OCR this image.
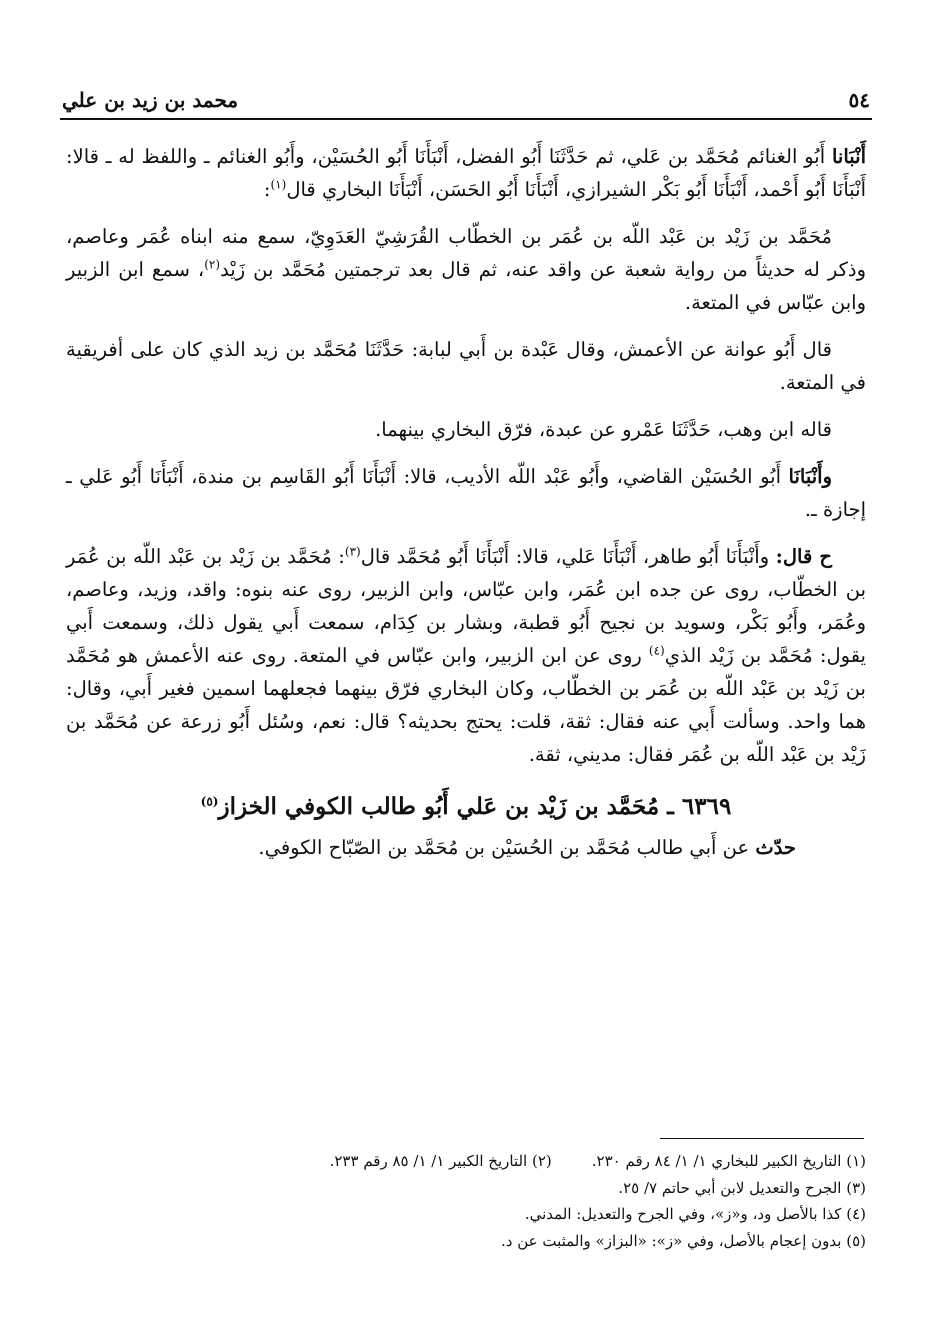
٥٤
محمد بن زيد بن علي

أَنْبَانا أَبُو الغنائم مُحَمَّد بن عَلي، ثم حَدَّثَنَا أَبُو الفضل، أَنْبَأَنَا أَبُو الحُسَيْن، وأَبُو الغنائم ـ واللفظ له ـ قالا: أَنْبَأَنَا أَبُو أَحْمد، أَنْبَأَنَا أَبُو بَكْر الشيرازي، أَنْبَأَنَا أَبُو الحَسَن، أَنْبَأَنَا البخاري قال$^{(١)}$:

مُحَمَّد بن زَيْد بن عَبْد اللّه بن عُمَر بن الخطّاب القُرَشِيّ العَدَوِيّ، سمع منه ابناه عُمَر وعاصم، وذكر له حديثاً من رواية شعبة عن واقد عنه، ثم قال بعد ترجمتين مُحَمَّد بن زَيْد$^{(٢)}$، سمع ابن الزبير وابن عبّاس في المتعة.

قال أَبُو عوانة عن الأعمش، وقال عَبْدة بن أَبي لبابة: حَدَّثَنَا مُحَمَّد بن زيد الذي كان على أفريقية في المتعة.

قاله ابن وهب، حَدَّثَنَا عَمْرو عن عبدة، فرّق البخاري بينهما.

وأَنْبَانَا أَبُو الحُسَيْن القاضي، وأَبُو عَبْد اللّه الأديب، قالا: أَنْبَأَنَا أَبُو القَاسِم بن مندة، أَنْبَأَنَا أَبُو عَلي ـ إجازة ـ.

ح قال: وأَنْبَأَنَا أَبُو طاهر، أَنْبَأَنَا عَلي، قالا: أَنْبَأَنَا أَبُو مُحَمَّد قال$^{(٣)}$: مُحَمَّد بن زَيْد بن عَبْد اللّه بن عُمَر بن الخطّاب، روى عن جده ابن عُمَر، وابن عبّاس، وابن الزبير، روى عنه بنوه: واقد، وزيد، وعاصم، وعُمَر، وأَبُو بَكْر، وسويد بن نجيح أَبُو قطبة، وبشار بن كِدَام، سمعت أَبي يقول ذلك، وسمعت أَبي يقول: مُحَمَّد بن زَيْد الذي$^{(٤)}$ روى عن ابن الزبير، وابن عبّاس في المتعة. روى عنه الأعمش هو مُحَمَّد بن زَيْد بن عَبْد اللّه بن عُمَر بن الخطّاب، وكان البخاري فرّق بينهما فجعلهما اسمين فغير أَبي، وقال: هما واحد. وسألت أَبي عنه فقال: ثقة، قلت: يحتج بحديثه؟ قال: نعم، وسُئل أَبُو زرعة عن مُحَمَّد بن زَيْد بن عَبْد اللّه بن عُمَر فقال: مديني، ثقة.

٦٣٦٩ ـ مُحَمَّد بن زَيْد بن عَلي أَبُو طالب الكوفي الخزاز$^{(٥)}$

حدّث عن أَبي طالب مُحَمَّد بن الحُسَيْن بن مُحَمَّد بن الصّبّاح الكوفي.

(١) التاريخ الكبير للبخاري ١/ ١/ ٨٤ رقم ٢٣٠.
(٢) التاريخ الكبير ١/ ١/ ٨٥ رقم ٢٣٣.
(٣) الجرح والتعديل لابن أبي حاتم ٧/ ٢٥.
(٤) كذا بالأصل ود، و«ز»، وفي الجرح والتعديل: المدني.
(٥) بدون إعجام بالأصل، وفي «ز»: «البزاز» والمثبت عن د.
